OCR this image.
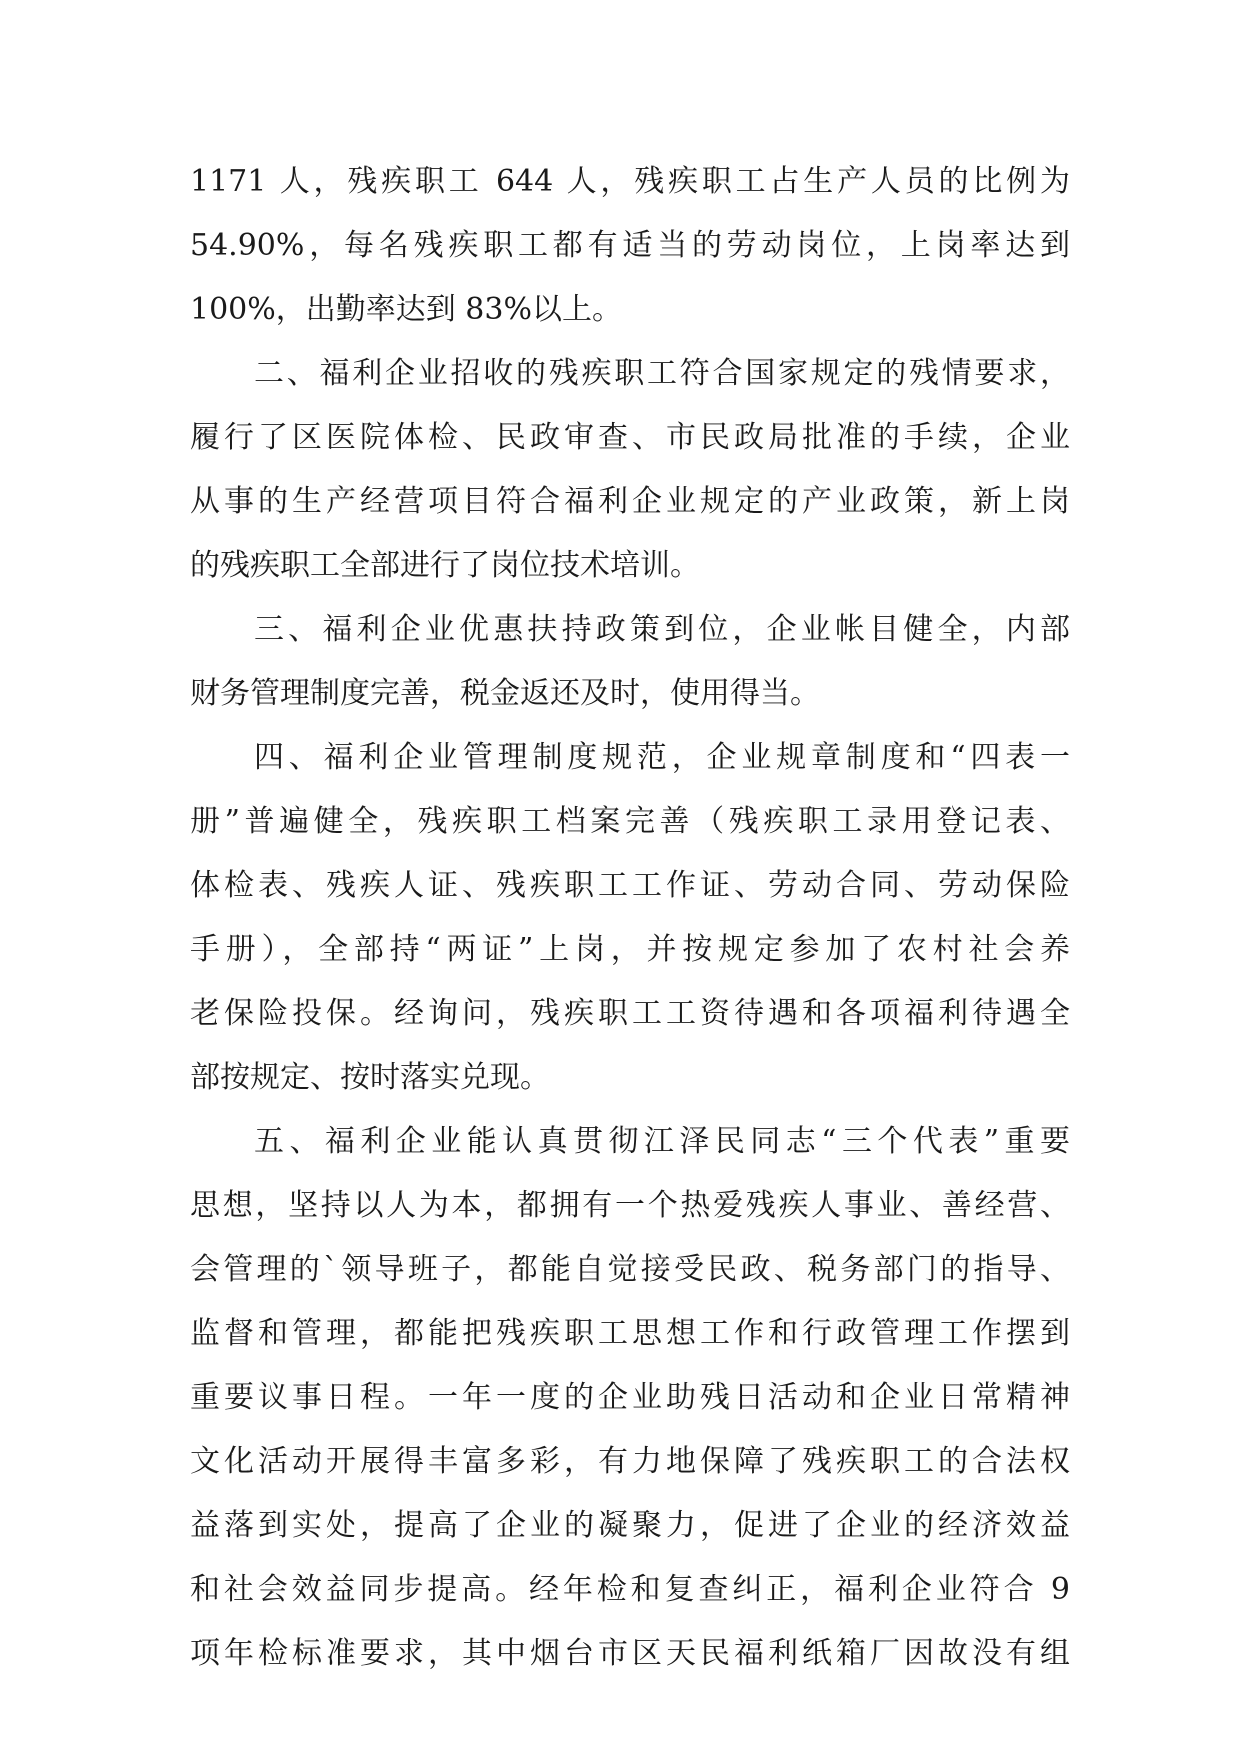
1171 人，残疾职工 644 人，残疾职工占生产人员的比例为
54.90%，每名残疾职工都有适当的劳动岗位，上岗率达到
100%，出勤率达到 83%以上。
二、福利企业招收的残疾职工符合国家规定的残情要求，
履行了区医院体检、民政审查、市民政局批准的手续，企业
从事的生产经营项目符合福利企业规定的产业政策，新上岗
的残疾职工全部进行了岗位技术培训。
三、福利企业优惠扶持政策到位，企业帐目健全，内部
财务管理制度完善，税金返还及时，使用得当。
四、福利企业管理制度规范，企业规章制度和“四表一
册”普遍健全，残疾职工档案完善（残疾职工录用登记表、
体检表、残疾人证、残疾职工工作证、劳动合同、劳动保险
手册），全部持“两证”上岗，并按规定参加了农村社会养
老保险投保。经询问，残疾职工工资待遇和各项福利待遇全
部按规定、按时落实兑现。
五、福利企业能认真贯彻江泽民同志“三个代表”重要
思想，坚持以人为本，都拥有一个热爱残疾人事业、善经营、
会管理的`领导班子，都能自觉接受民政、税务部门的指导、
监督和管理，都能把残疾职工思想工作和行政管理工作摆到
重要议事日程。一年一度的企业助残日活动和企业日常精神
文化活动开展得丰富多彩，有力地保障了残疾职工的合法权
益落到实处，提高了企业的凝聚力，促进了企业的经济效益
和社会效益同步提高。经年检和复查纠正，福利企业符合 9
项年检标准要求，其中烟台市区天民福利纸箱厂因故没有组
